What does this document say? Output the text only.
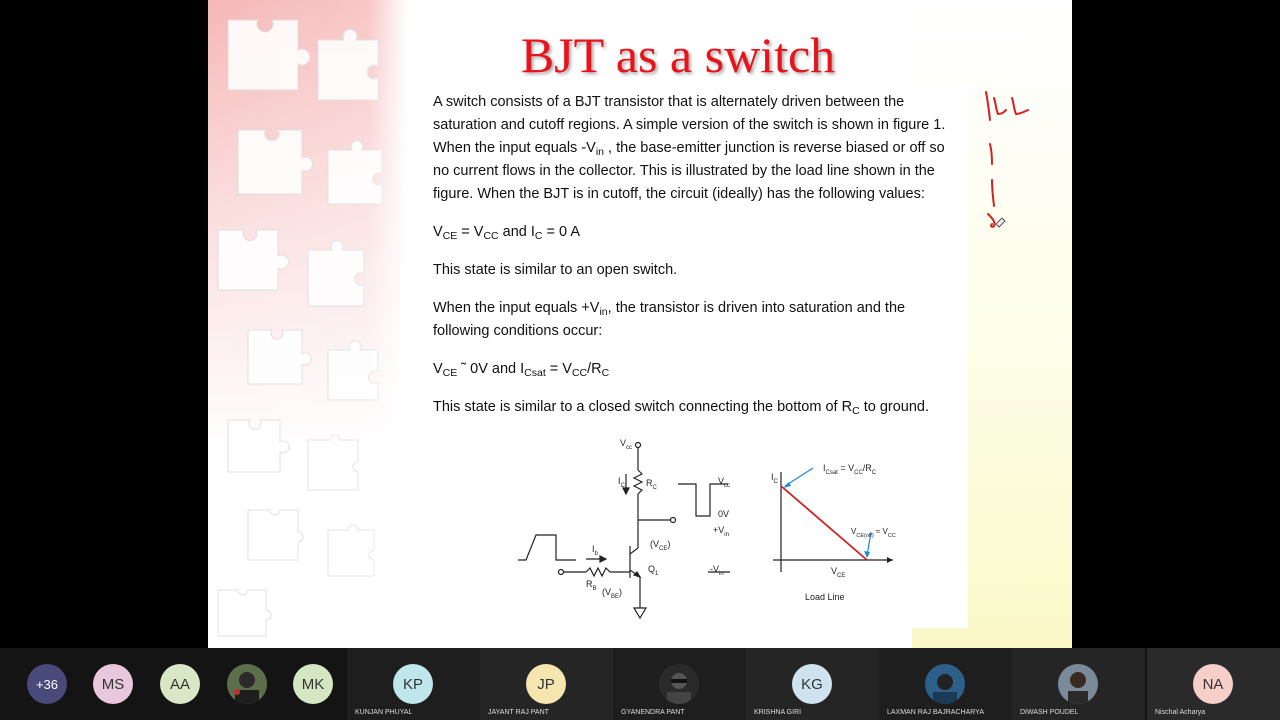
BJT as a switch
A switch consists of a BJT transistor that is alternately driven between the
saturation and cutoff regions. A simple version of the switch is shown in figure 1.
When the input equals $-V_{in}$ , the base-emitter junction is reverse biased or off so
no current flows in the collector. This is illustrated by the load line shown in the
figure. When the BJT is in cutoff, the circuit (ideally) has the following values:
$V_{CE} = V_{CC}$ and $I_C = 0$ A
This state is similar to an open switch.
When the input equals $+V_{in}$, the transistor is driven into saturation and the
following conditions occur:
$V_{CE}$ ˜ 0V and $I_{Csat} = V_{CC}/R_C$
This state is similar to a closed switch connecting the bottom of $R_C$ to ground.
$V_{cc}$
$I_C$ $R_C$
$V_{cc}$
0V
$+V_{in}$
$-V_{in}$
$I_b$
$(V_{CE})$
$R_B$
$Q_1$
$(V_{BE})$
$I_C$
$I_{Csat} = V_{CC}/R_C$
$V_{CE(off)} \approx V_{CC}$
$V_{CE}$
Load Line
+36	MS	AA	MK	KP
KUNJAN PHUYAL
JP
JAYANT RAJ PANT	GYANENDRA PANT
KG
KRISHNA GIRI	LAXMAN RAJ BAJRACHARYA	DIWASH POUDEL
NA
Nischal Acharya
